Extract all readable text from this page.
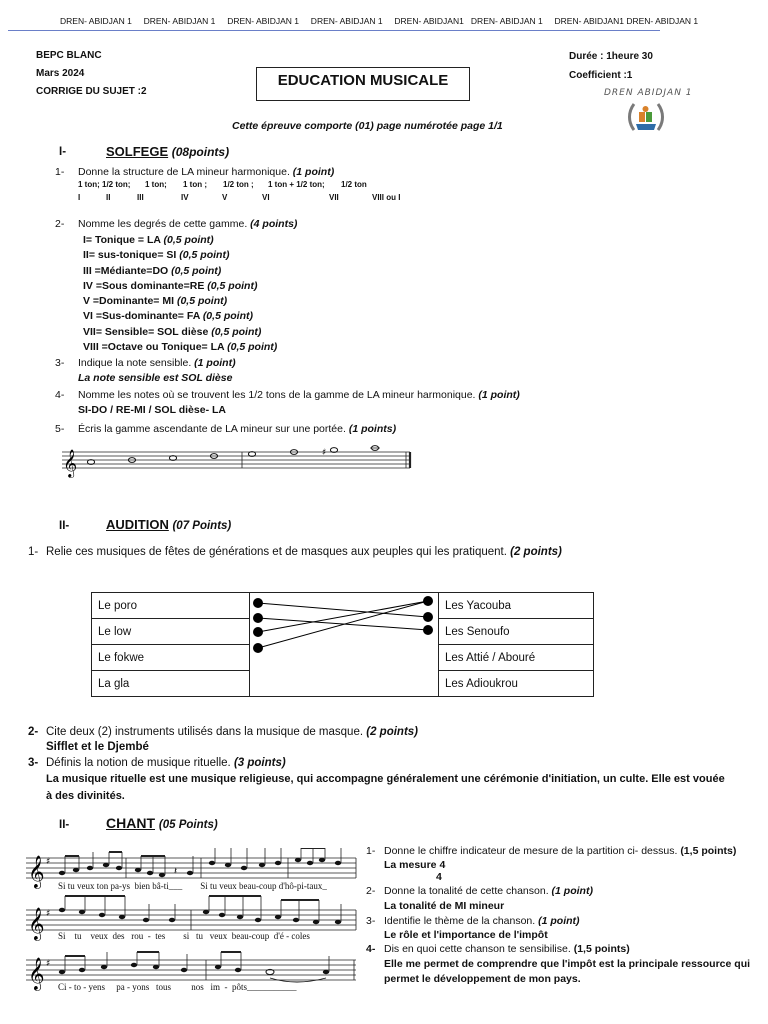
DREN- ABIDJAN 1     DREN- ABIDJAN 1     DREN- ABIDJAN 1     DREN- ABIDJAN 1     DREN- ABIDJAN1   DREN- ABIDJAN 1     DREN- ABIDJAN1 DREN- ABIDJAN 1
BEPC BLANC
Mars 2024
CORRIGE DU SUJET :2
EDUCATION MUSICALE
Durée : 1heure 30
Coefficient :1
DREN ABIDJAN 1
Cette épreuve comporte (01) page numérotée page 1/1
I-	SOLFEGE (08points)
1- Donne la structure de LA mineur harmonique. (1 point)
1 ton; 1/2 ton; 1 ton; 1 ton ; 1/2 ton ; 1 ton + 1/2 ton; 1/2 ton
I	II	III	IV	V	VI	VII	VIII ou I
2- Nomme les degrés de cette gamme. (4 points)
I= Tonique = LA (0,5 point)
II= sus-tonique= SI (0,5 point)
III =Médiante=DO (0,5 point)
IV =Sous dominante=RE (0,5 point)
V =Dominante= MI (0,5 point)
VI =Sus-dominante= FA (0,5 point)
VII= Sensible= SOL dièse (0,5 point)
VIII =Octave ou Tonique= LA (0,5 point)
3- Indique la note sensible. (1 point)
La note sensible est SOL dièse
4- Nomme les notes où se trouvent les 1/2 tons de la gamme de LA mineur harmonique. (1 point)
SI-DO / RE-MI / SOL dièse- LA
5- Écris la gamme ascendante de LA mineur sur une portée. (1 points)
𝄞	♯
II-	AUDITION (07 Points)
1- Relie ces musiques de fêtes de générations et de masques aux peuples qui les pratiquent. (2 points)
Le poro		Les Yacouba
Le low		Les Senoufo
Le fokwe		Les Attié / Abouré
La gla		Les Adioukrou
2- Cite deux (2) instruments utilisés dans la musique de masque. (2 points)
Sifflet et le Djembé
3- Définis la notion de musique rituelle. (3 points)
La musique rituelle est une musique religieuse, qui accompagne généralement une cérémonie d'initiation, un culte. Elle est vouée
à des divinités.
II-	CHANT (05 Points)
𝄞 ♯
𝄽
𝄞 ♯
𝄞 ♯
Si tu veux ton pa-ys  bien bâ-ti___        Si tu veux beau-coup d'hô-pi-taux_
Si    tu    veux  des   rou  -  tes        si   tu   veux  beau-coup  d'é - coles
Ci - to - yens     pa - yons   tous         nos   im  -  pôts___________
1- Donne le chiffre indicateur de mesure de la partition ci- dessus. (1,5 points)
La mesure 4
4
2- Donne la tonalité de cette chanson. (1 point)
La tonalité de MI mineur
3- Identifie le thème de la chanson. (1 point)
Le rôle et l'importance de l'impôt
4- Dis en quoi cette chanson te sensibilise. (1,5 points)
Elle me permet de comprendre que l'impôt est la principale ressource qui
permet le développement de mon pays.
